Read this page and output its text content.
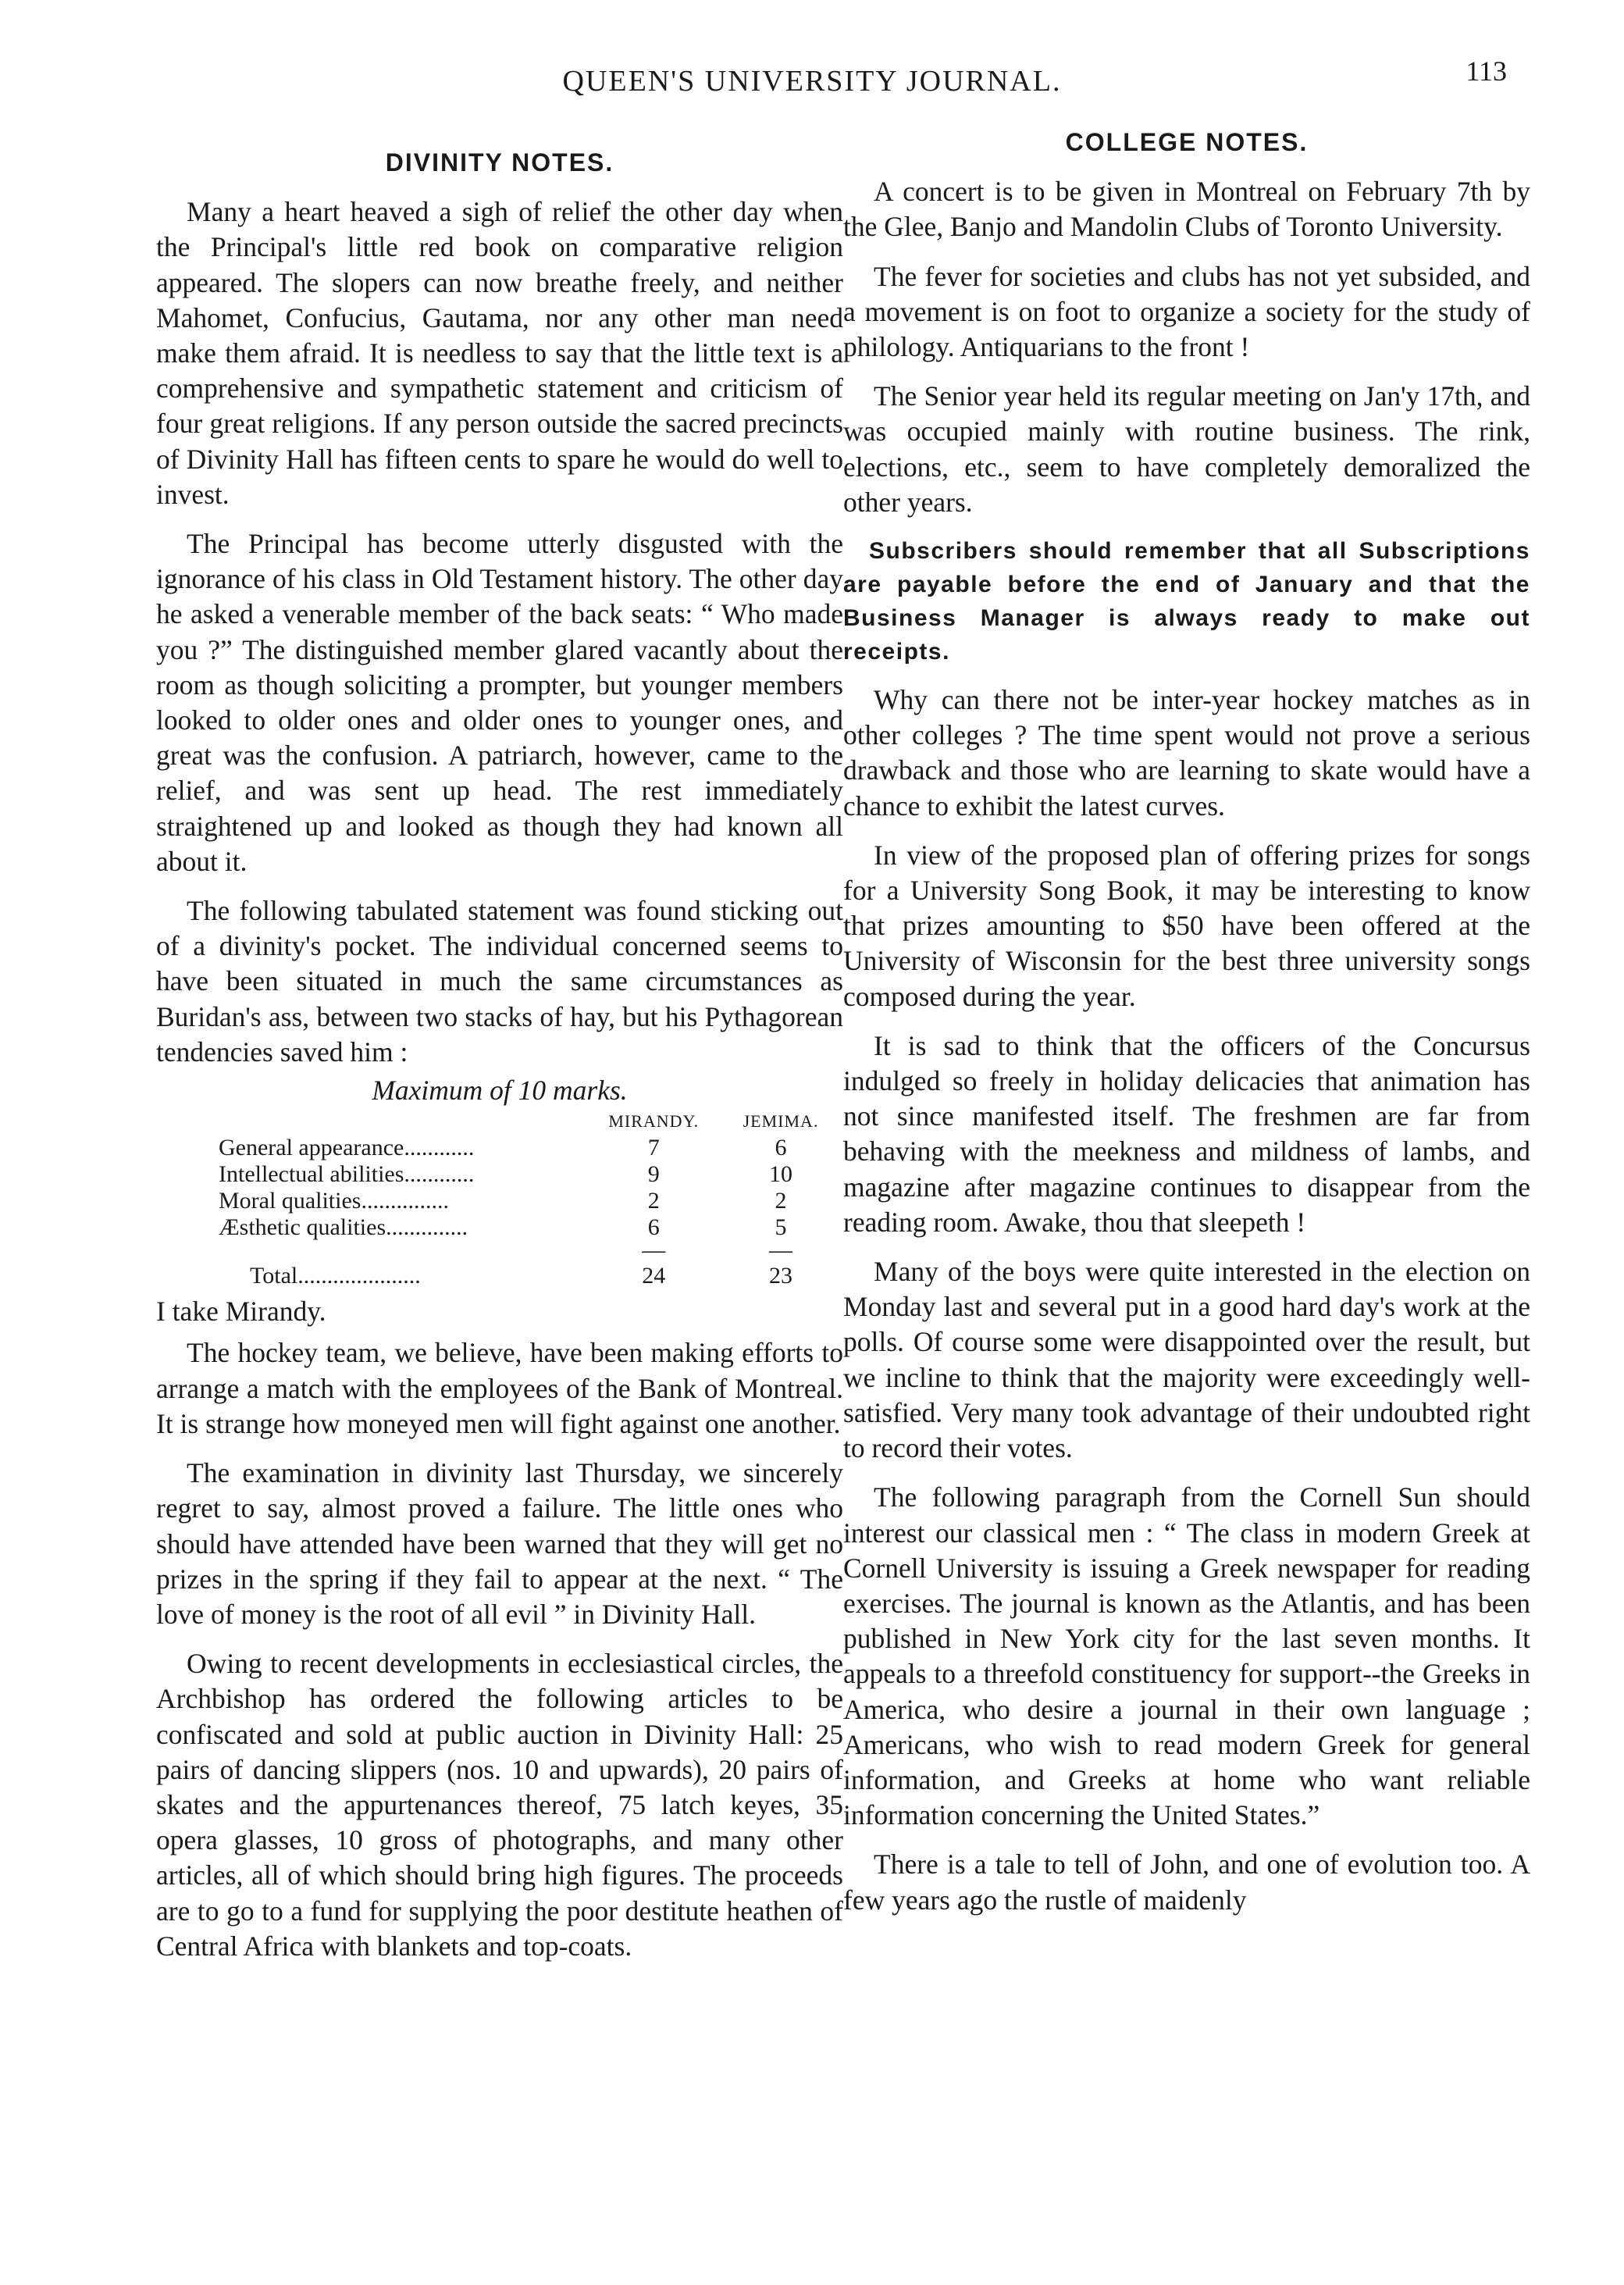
QUEEN'S UNIVERSITY JOURNAL.	113
DIVINITY NOTES.

Many a heart heaved a sigh of relief the other day when the Principal's little red book on comparative religion appeared. The slopers can now breathe freely, and neither Mahomet, Confucius, Gautama, nor any other man need make them afraid. It is needless to say that the little text is a comprehensive and sympathetic statement and criticism of four great religions. If any person outside the sacred precincts of Divinity Hall has fifteen cents to spare he would do well to invest.

The Principal has become utterly disgusted with the ignorance of his class in Old Testament history. The other day he asked a venerable member of the back seats: “ Who made you ?” The distinguished member glared vacantly about the room as though soliciting a prompter, but younger members looked to older ones and older ones to younger ones, and great was the confusion. A patriarch, however, came to the relief, and was sent up head. The rest immediately straightened up and looked as though they had known all about it.

The following tabulated statement was found sticking out of a divinity's pocket. The individual concerned seems to have been situated in much the same circumstances as Buridan's ass, between two stacks of hay, but his Pythagorean tendencies saved him :

Maximum of 10 marks.
	MIRANDY.	JEMIMA.
General appearance............	7	6
Intellectual abilities............	9	10
Moral qualities...............	2	2
Æsthetic qualities..............	6	5
	—	—
Total.....................	24	23

I take Mirandy.

The hockey team, we believe, have been making efforts to arrange a match with the employees of the Bank of Montreal. It is strange how moneyed men will fight against one another.

The examination in divinity last Thursday, we sincerely regret to say, almost proved a failure. The little ones who should have attended have been warned that they will get no prizes in the spring if they fail to appear at the next. “ The love of money is the root of all evil ” in Divinity Hall.

Owing to recent developments in ecclesiastical circles, the Archbishop has ordered the following articles to be confiscated and sold at public auction in Divinity Hall: 25 pairs of dancing slippers (nos. 10 and upwards), 20 pairs of skates and the appurtenances thereof, 75 latch keyes, 35 opera glasses, 10 gross of photographs, and many other articles, all of which should bring high figures. The proceeds are to go to a fund for supplying the poor destitute heathen of Central Africa with blankets and top-coats.

COLLEGE NOTES.

A concert is to be given in Montreal on February 7th by the Glee, Banjo and Mandolin Clubs of Toronto University.

The fever for societies and clubs has not yet subsided, and a movement is on foot to organize a society for the study of philology. Antiquarians to the front !

The Senior year held its regular meeting on Jan'y 17th, and was occupied mainly with routine business. The rink, elections, etc., seem to have completely demoralized the other years.

Subscribers should remember that all Subscriptions are payable before the end of January and that the Business Manager is always ready to make out receipts.

Why can there not be inter-year hockey matches as in other colleges ? The time spent would not prove a serious drawback and those who are learning to skate would have a chance to exhibit the latest curves.

In view of the proposed plan of offering prizes for songs for a University Song Book, it may be interesting to know that prizes amounting to $50 have been offered at the University of Wisconsin for the best three university songs composed during the year.

It is sad to think that the officers of the Concursus indulged so freely in holiday delicacies that animation has not since manifested itself. The freshmen are far from behaving with the meekness and mildness of lambs, and magazine after magazine continues to disappear from the reading room. Awake, thou that sleepeth !

Many of the boys were quite interested in the election on Monday last and several put in a good hard day's work at the polls. Of course some were disappointed over the result, but we incline to think that the majority were exceedingly well-satisfied. Very many took advantage of their undoubted right to record their votes.

The following paragraph from the Cornell Sun should interest our classical men : “ The class in modern Greek at Cornell University is issuing a Greek newspaper for reading exercises. The journal is known as the Atlantis, and has been published in New York city for the last seven months. It appeals to a threefold constituency for support--the Greeks in America, who desire a journal in their own language ; Americans, who wish to read modern Greek for general information, and Greeks at home who want reliable information concerning the United States.”

There is a tale to tell of John, and one of evolution too. A few years ago the rustle of maidenly
